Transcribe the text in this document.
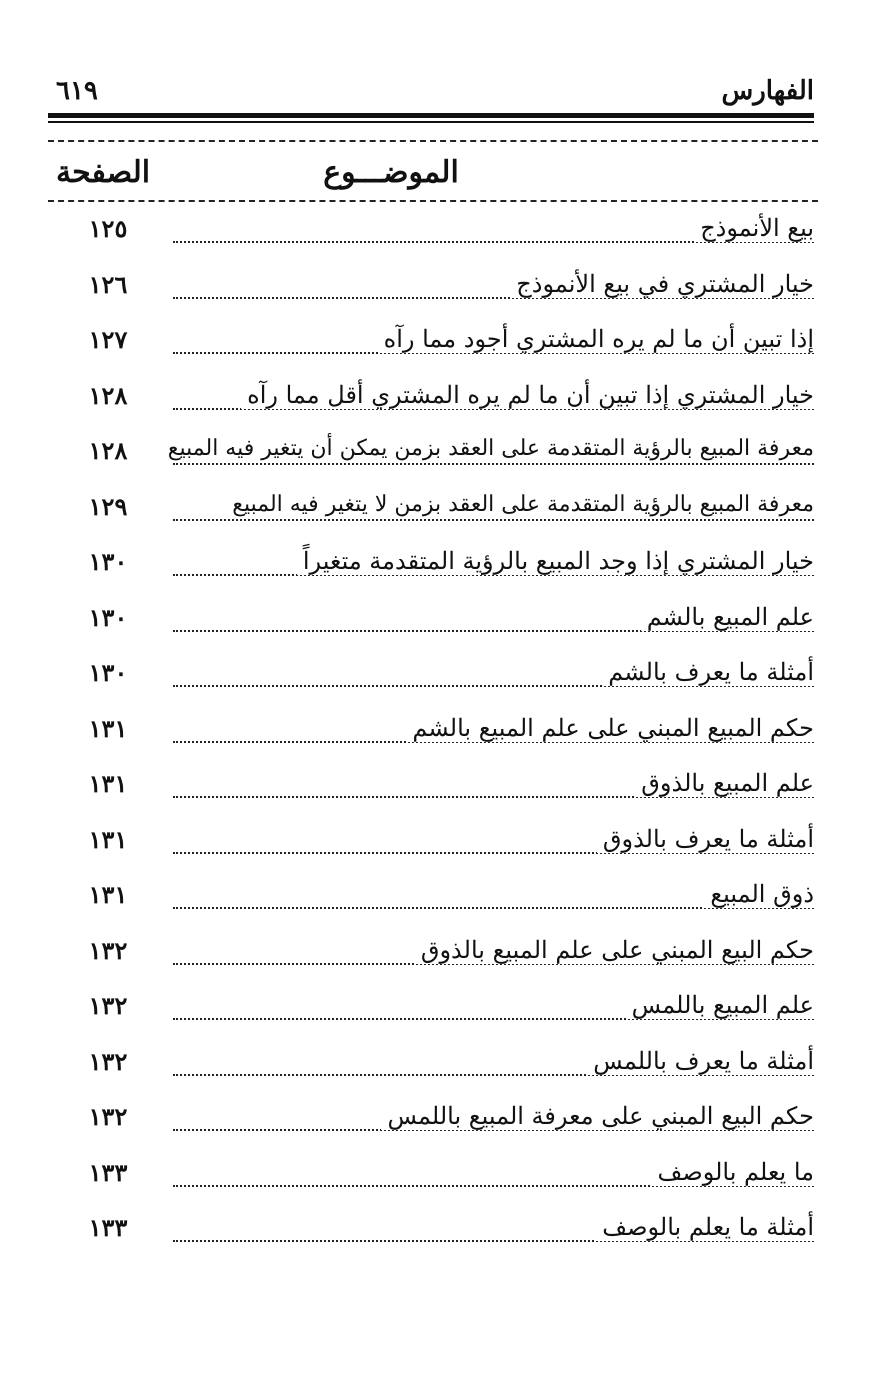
الفهارس
٦١٩
الموضـــوع
الصفحة
بيع الأنموذج
١٢٥
خيار المشتري في بيع الأنموذج
١٢٦
إذا تبين أن ما لم يره المشتري أجود مما رآه
١٢٧
خيار المشتري إذا تبين أن ما لم يره المشتري أقل مما رآه
١٢٨
معرفة المبيع بالرؤية المتقدمة على العقد بزمن يمكن أن يتغير فيه المبيع
١٢٨
معرفة المبيع بالرؤية المتقدمة على العقد بزمن لا يتغير فيه المبيع
١٢٩
خيار المشتري إذا وجد المبيع بالرؤية المتقدمة متغيراً
١٣٠
علم المبيع بالشم
١٣٠
أمثلة ما يعرف بالشم
١٣٠
حكم المبيع المبني على علم المبيع بالشم
١٣١
علم المبيع بالذوق
١٣١
أمثلة ما يعرف بالذوق
١٣١
ذوق المبيع
١٣١
حكم البيع المبني على علم المبيع بالذوق
١٣٢
علم المبيع باللمس
١٣٢
أمثلة ما يعرف باللمس
١٣٢
حكم البيع المبني على معرفة المبيع باللمس
١٣٢
ما يعلم بالوصف
١٣٣
أمثلة ما يعلم بالوصف
١٣٣
